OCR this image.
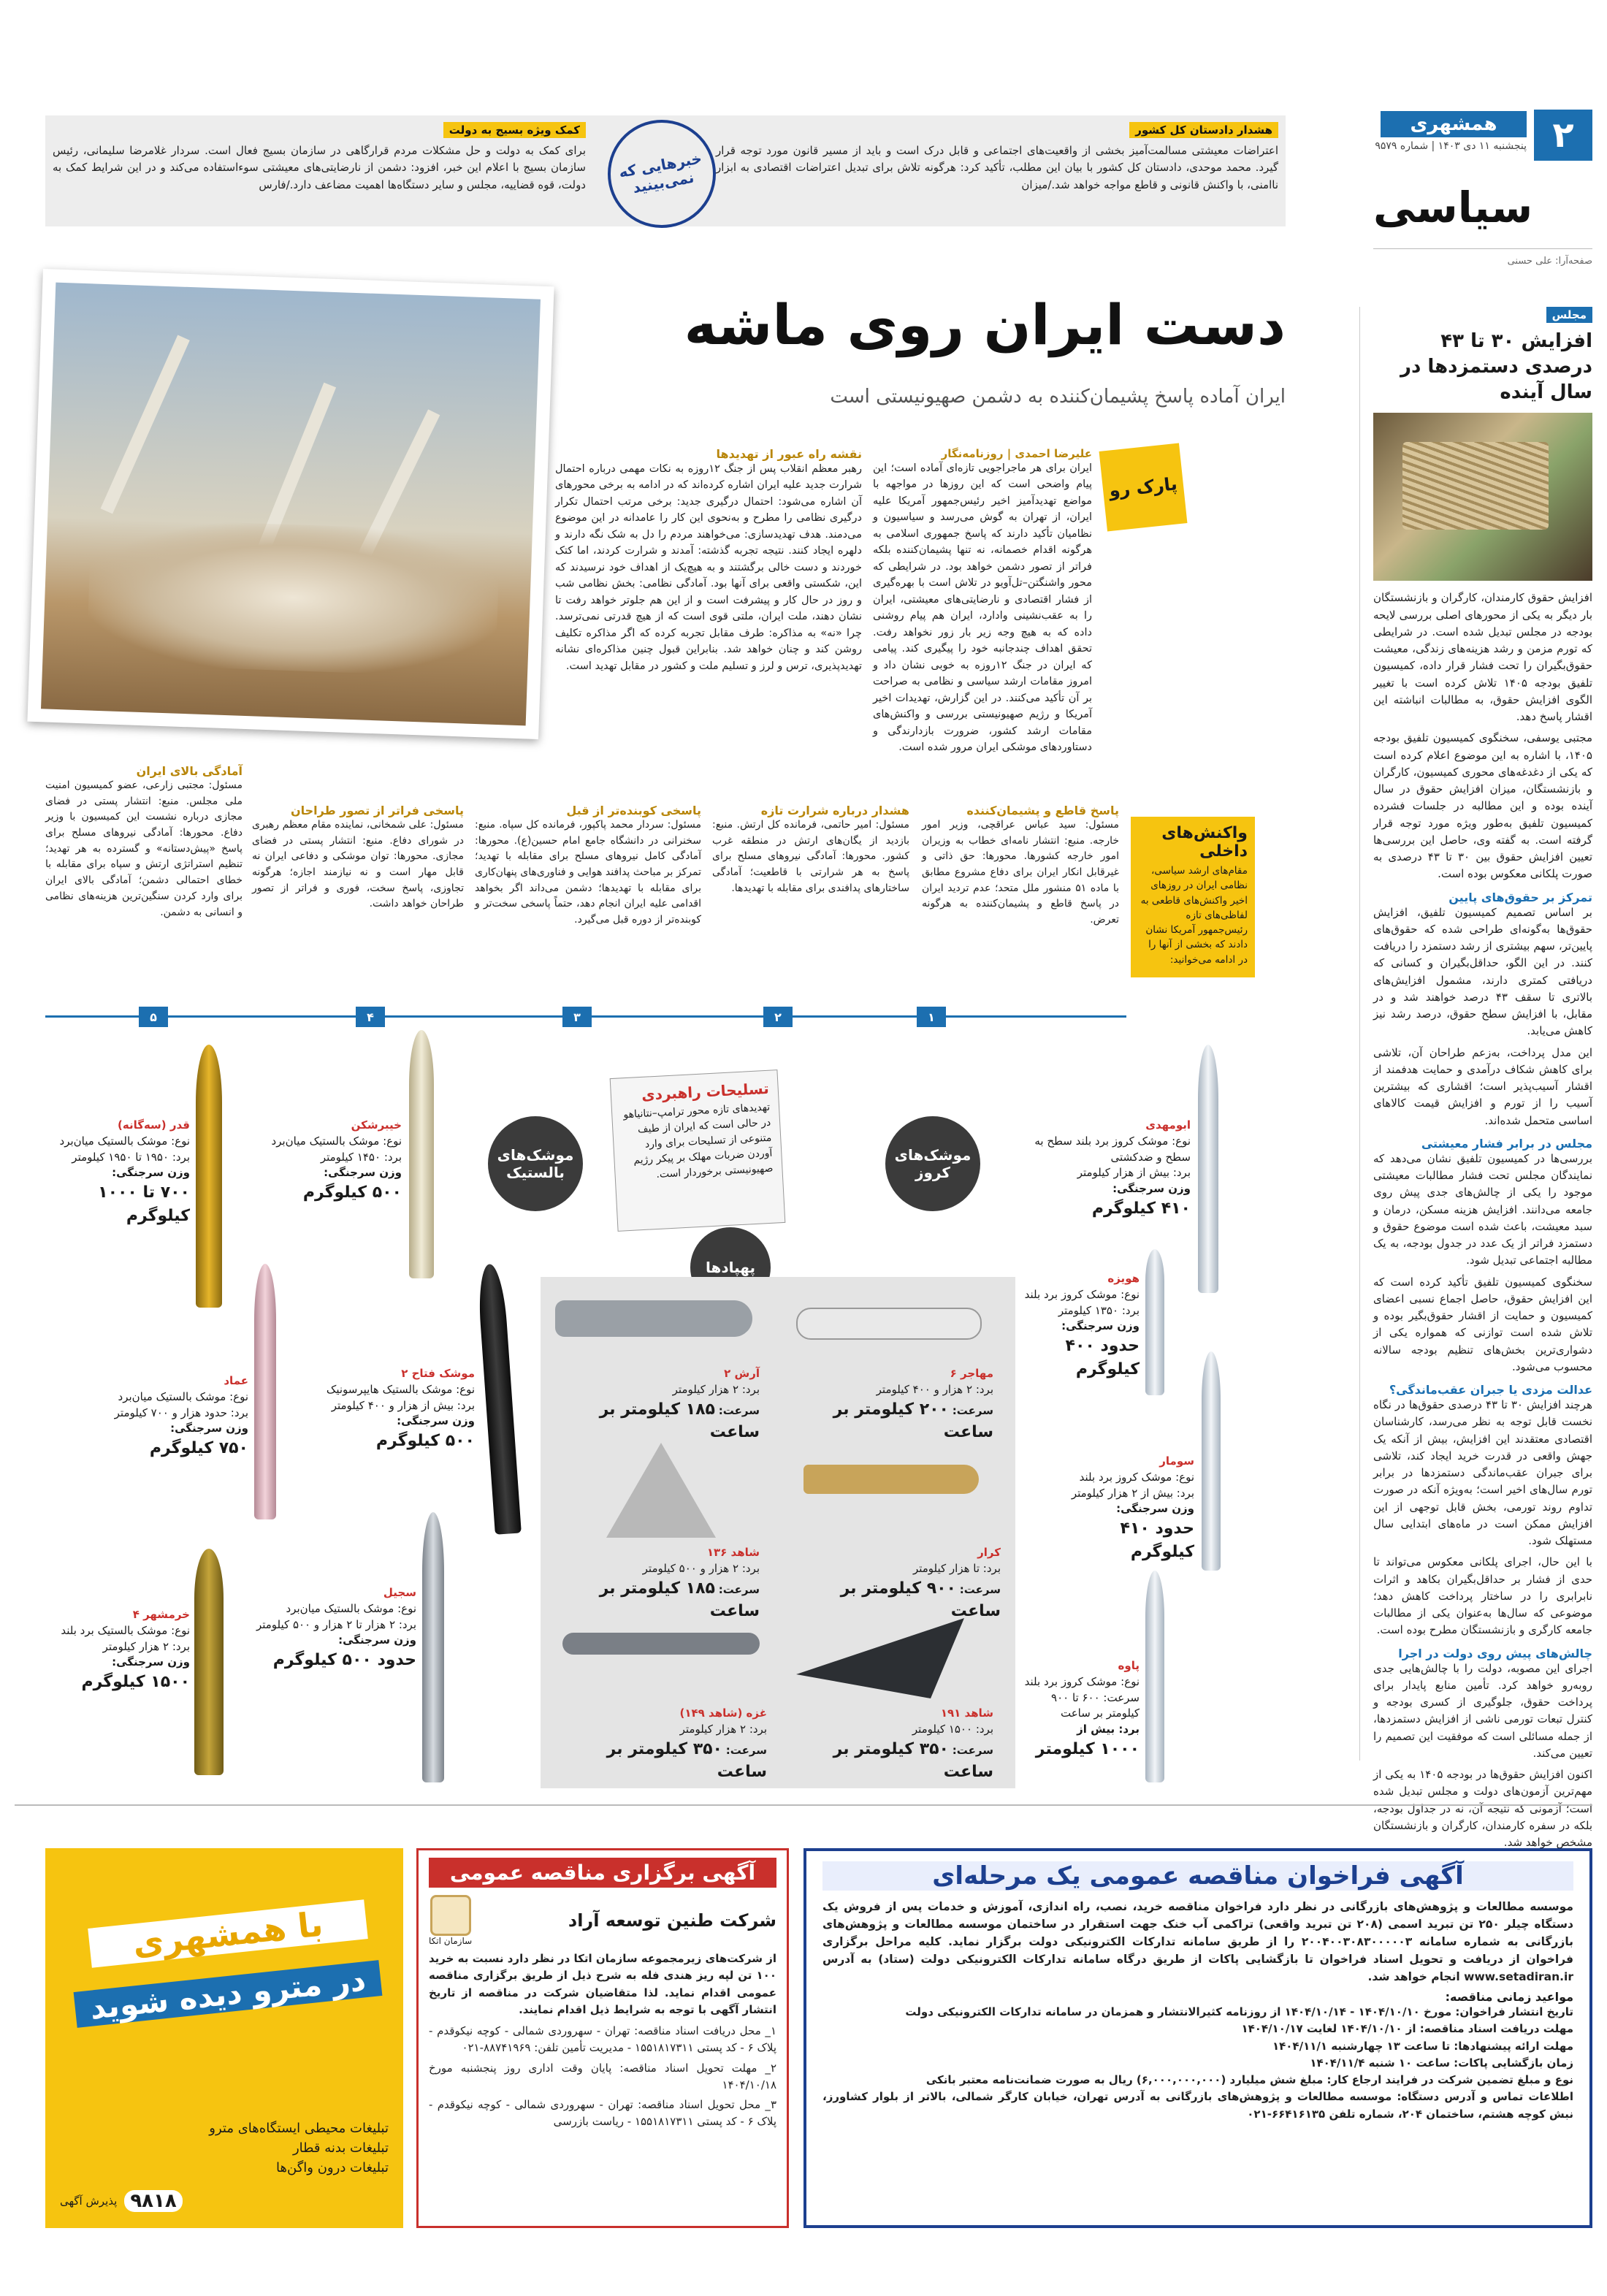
۲
همشهری
پنجشنبه ۱۱ دی ۱۴۰۳ | شماره ۹۵۷۹
سیاسی
صفحه‌آرا: علی حسنی
هشدار دادستان کل کشور
اعتراضات معیشتی مسالمت‌آمیز بخشی از واقعیت‌های اجتماعی و قابل درک است و باید از مسیر قانون مورد توجه قرار گیرد. محمد موحدی، دادستان کل کشور با بیان این مطلب، تأکید کرد: هرگونه تلاش برای تبدیل اعتراضات اقتصادی به ابزار ناامنی، با واکنش قانونی و قاطع مواجه خواهد شد./میزان
خبرهایی که نمی‌بینید
کمک ویژه بسیج به دولت
برای کمک به دولت و حل مشکلات مردم قرارگاهی در سازمان بسیج فعال است. سردار غلامرضا سلیمانی، رئیس سازمان بسیج با اعلام این خبر، افزود: دشمن از نارضایتی‌های معیشتی سوءاستفاده می‌کند و در این شرایط کمک به دولت، قوه قضاییه، مجلس و سایر دستگاه‌ها اهمیت مضاعف دارد./فارس
مجلس
افزایش ۳۰ تا ۴۳ درصدی دستمزدها در سال آینده
افزایش حقوق کارمندان، کارگران و بازنشستگان بار دیگر به یکی از محورهای اصلی بررسی لایحه بودجه در مجلس تبدیل شده است. در شرایطی که تورم مزمن و رشد هزینه‌های زندگی، معیشت حقوق‌بگیران را تحت فشار قرار داده، کمیسیون تلفیق بودجه ۱۴۰۵ تلاش کرده است با تغییر الگوی افزایش حقوق، به مطالبات انباشته این اقشار پاسخ دهد.
مجتبی یوسفی، سخنگوی کمیسیون تلفیق بودجه ۱۴۰۵، با اشاره به این موضوع اعلام کرده است که یکی از دغدغه‌های محوری کمیسیون، کارگران و بازنشستگان، میزان افزایش حقوق در سال آینده بوده و این مطالبه در جلسات فشرده کمیسیون تلفیق به‌طور ویژه مورد توجه قرار گرفته است. به گفته وی، حاصل این بررسی‌ها تعیین افزایش حقوق بین ۳۰ تا ۴۳ درصدی به صورت پلکانی معکوس بوده است.
تمرکز بر حقوق‌های پایین
بر اساس تصمیم کمیسیون تلفیق، افزایش حقوق‌ها به‌گونه‌ای طراحی شده که حقوق‌های پایین‌تر، سهم بیشتری از رشد دستمزد را دریافت کنند. در این الگو، حداقل‌بگیران و کسانی که دریافتی کمتری دارند، مشمول افزایش‌های بالاتری تا سقف ۴۳ درصد خواهند شد و در مقابل، با افزایش سطح حقوق، درصد رشد نیز کاهش می‌یابد.
این مدل پرداخت، به‌زعم طراحان آن، تلاشی برای کاهش شکاف درآمدی و حمایت هدفمند از اقشار آسیب‌پذیر است؛ اقشاری که بیشترین آسیب را از تورم و افزایش قیمت کالاهای اساسی متحمل شده‌اند.
مجلس در برابر فشار معیشتی
بررسی‌ها در کمیسیون تلفیق نشان می‌دهد که نمایندگان مجلس تحت فشار مطالبات معیشتی موجود را یکی از چالش‌های جدی پیش روی جامعه می‌دانند. افزایش هزینه مسکن، درمان و سبد معیشت، باعث شده است موضوع حقوق و دستمزد فراتر از یک عدد در جدول بودجه، به یک مطالبه اجتماعی تبدیل شود.
سخنگوی کمیسیون تلفیق تأکید کرده است که این افزایش حقوق، حاصل اجماع نسبی اعضای کمیسیون و حمایت از اقشار حقوق‌بگیر بوده و تلاش شده است توازنی که همواره یکی از دشواری‌ترین بخش‌های تنظیم بودجه سالانه محسوب می‌شود.
عدالت مزدی یا جبران عقب‌ماندگی؟
هرچند افزایش ۳۰ تا ۴۳ درصدی حقوق‌ها در نگاه نخست قابل توجه به نظر می‌رسد، کارشناسان اقتصادی معتقدند این افزایش، بیش از آنکه یک جهش واقعی در قدرت خرید ایجاد کند، تلاشی برای جبران عقب‌ماندگی دستمزدها در برابر تورم سال‌های اخیر است؛ به‌ویژه آنکه در صورت تداوم روند تورمی، بخش قابل توجهی از این افزایش ممکن است در ماه‌های ابتدایی سال مستهلک شود.
با این حال، اجرای پلکانی معکوس می‌تواند تا حدی از فشار بر حداقل‌بگیران بکاهد و اثرات نابرابری را در ساختار پرداخت کاهش دهد؛ موضوعی که سال‌ها به‌عنوان یکی از مطالبات جامعه کارگری و بازنشستگان مطرح بوده است.
چالش‌های پیش روی دولت در اجرا
اجرای این مصوبه، دولت را با چالش‌هایی جدی روبه‌رو خواهد کرد. تأمین منابع پایدار برای پرداخت حقوق، جلوگیری از کسری بودجه و کنترل تبعات تورمی ناشی از افزایش دستمزدها، از جمله مسائلی است که موفقیت این تصمیم را تعیین می‌کند.
اکنون افزایش حقوق‌ها در بودجه ۱۴۰۵ به یکی از مهم‌ترین آزمون‌های دولت و مجلس تبدیل شده است؛ آزمونی که نتیجه آن، نه در جداول بودجه، بلکه در سفره کارمندان، کارگران و بازنشستگان مشخص خواهد شد.
دست ایران روی ماشه
ایران آماده پاسخ پشیمان‌کننده به دشمن صهیونیستی است
پارک رو
علیرضا احمدی | روزنامه‌نگار
ایران برای هر ماجراجویی تازه‌ای آماده است؛ این پیام واضحی است که این روزها در مواجهه با مواضع تهدیدآمیز اخیر رئیس‌جمهور آمریکا علیه ایران، از تهران به گوش می‌رسد و سیاسیون و نظامیان تأکید دارند که پاسخ جمهوری اسلامی به هرگونه اقدام خصمانه، نه تنها پشیمان‌کننده بلکه فراتر از تصور دشمن خواهد بود. در شرایطی که محور واشنگتن–تل‌آویو در تلاش است با بهره‌گیری از فشار اقتصادی و نارضایتی‌های معیشتی، ایران را به عقب‌نشینی وادارد، ایران هم پیام روشنی داده که به هیچ وجه زیر بار زور نخواهد رفت. تحقق اهداف چندجانبه خود را پیگیری کند. پیامی که ایران در جنگ ۱۲روزه به خوبی نشان داد و امروز مقامات ارشد سیاسی و نظامی به صراحت بر آن تأکید می‌کنند. در این گزارش، تهدیدات اخیر آمریکا و رژیم صهیونیستی بررسی و واکنش‌های مقامات ارشد کشور، ضرورت بازدارندگی و دستاوردهای موشکی ایران مرور شده است.
نقشه راه عبور از تهدیدها
رهبر معظم انقلاب پس از جنگ ۱۲روزه به نکات مهمی درباره احتمال شرارت جدید علیه ایران اشاره کرده‌اند که در ادامه به برخی محورهای آن اشاره می‌شود: احتمال درگیری جدید: برخی مرتب احتمال تکرار درگیری نظامی را مطرح و به‌نحوی این کار را عامدانه در این موضوع می‌دمند. هدف تهدیدسازی: می‌خواهند مردم را دل به شک نگه دارند و دلهره ایجاد کنند. نتیجه تجربه گذشته: آمدند و شرارت کردند، اما کتک خوردند و دست خالی برگشتند و به هیچ‌یک از اهداف خود نرسیدند که این، شکستی واقعی برای آنها بود. آمادگی نظامی: بخش نظامی شب و روز در حال کار و پیشرفت است و از این هم جلوتر خواهد رفت تا نشان دهند، ملت ایران، ملتی قوی است که از هیچ قدرتی نمی‌ترسد. چرا «نه» به مذاکره: طرف مقابل تجربه کرده که اگر مذاکره تکلیف روشن کند و چنان خواهد شد. بنابراین قبول چنین مذاکره‌ای نشانه تهدیدپذیری، ترس و لرز و تسلیم ملت و کشور در مقابل تهدید است.
واکنش‌های داخلی
مقام‌های ارشد سیاسی، نظامی ایران در روزهای اخیر واکنش‌های قاطعی به لفاظی‌های تازه رئیس‌جمهور آمریکا نشان دادند که بخشی از آنها را در ادامه می‌خوانید:
پاسخ قاطع و پشیمان‌کننده
مسئول: سید عباس عراقچی، وزیر امور خارجه. منبع: انتشار نامه‌ای خطاب به وزیران امور خارجه کشورها. محورها: حق ذاتی و غیرقابل انکار ایران برای دفاع مشروع مطابق با ماده ۵۱ منشور ملل متحد؛ عدم تردید ایران در پاسخ قاطع و پشیمان‌کننده به هرگونه تعرض.
هشدار درباره شرارت تازه
مسئول: امیر حاتمی، فرمانده کل ارتش. منبع: بازدید از یگان‌های ارتش در منطقه غرب کشور. محورها: آمادگی نیروهای مسلح برای پاسخ به هر شرارتی با قاطعیت؛ آمادگی ساختارهای پدافندی برای مقابله با تهدیدها.
پاسخی کوبنده‌تر از قبل
مسئول: سردار محمد پاکپور، فرمانده کل سپاه. منبع: سخنرانی در دانشگاه جامع امام حسین(ع). محورها: آمادگی کامل نیروهای مسلح برای مقابله با تهدید؛ تمرکز بر مباحث پدافند هوایی و فناوری‌های پنهان‌کاری برای مقابله با تهدیدها؛ دشمن می‌داند اگر بخواهد اقدامی علیه ایران انجام دهد، حتماً پاسخی سخت‌تر و کوبنده‌تر از دوره قبل می‌گیرد.
پاسخی فراتر از تصور طراحان
مسئول: علی شمخانی، نماینده مقام معظم رهبری در شورای دفاع. منبع: انتشار پستی در فضای مجازی. محورها: توان موشکی و دفاعی ایران نه قابل مهار است و نه نیازمند اجازه؛ هرگونه تجاوزی، پاسخ سخت، فوری و فراتر از تصور طراحان خواهد داشت.
آمادگی بالای ایران
مسئول: مجتبی زارعی، عضو کمیسیون امنیت ملی مجلس. منبع: انتشار پستی در فضای مجازی درباره نشست این کمیسیون با وزیر دفاع. محورها: آمادگی نیروهای مسلح برای پاسخ «پیش‌دستانه» و گسترده به هر تهدید؛ تنظیم استراتژی ارتش و سپاه برای مقابله با خطای احتمالی دشمن؛ آمادگی بالای ایران برای وارد کردن سنگین‌ترین هزینه‌های نظامی و انسانی به دشمن.
۱
۲
۳
۴
۵
تسلیحات راهبردی
تهدیدهای تازه محور ترامپ–نتانیاهو در حالی است که ایران از طیف متنوعی از تسلیحات برای وارد آوردن ضربات مهلک بر پیکر رژیم صهیونیستی برخوردار است.
موشک‌های بالستیک
موشک‌های کروز
پهپادها
آرش ۲
برد: ۲ هزار کیلومتر
سرعت: ۱۸۵ کیلومتر بر ساعت
مهاجر ۶
برد: ۲ هزار و ۴۰۰ کیلومتر
سرعت: ۲۰۰ کیلومتر بر ساعت
شاهد ۱۳۶
برد: ۲ هزار و ۵۰۰ کیلومتر
سرعت: ۱۸۵ کیلومتر بر ساعت
کرار
برد: تا هزار کیلومتر
سرعت: ۹۰۰ کیلومتر بر ساعت
غزه (شاهد ۱۴۹)
برد: ۲ هزار کیلومتر
سرعت: ۳۵۰ کیلومتر بر ساعت
شاهد ۱۹۱
برد: ۱۵۰۰ کیلومتر
سرعت: ۳۵۰ کیلومتر بر ساعت
قدر (سه‌گانه)
نوع: موشک بالستیک میان‌برد
برد: ۱۹۵۰ تا ۱۹۵۰ کیلومتر
وزن سرجنگی:
۷۰۰ تا ۱۰۰۰ کیلوگرم
خیبرشکن
نوع: موشک بالستیک میان‌برد
برد: ۱۴۵۰ کیلومتر
وزن سرجنگی:
۵۰۰ کیلوگرم
عماد
نوع: موشک بالستیک میان‌برد
برد: حدود هزار و ۷۰۰ کیلومتر
وزن سرجنگی:
۷۵۰ کیلوگرم
موشک فتاح ۲
نوع: موشک بالستیک هایپرسونیک
برد: بیش از هزار و ۴۰۰ کیلومتر
وزن سرجنگی:
۵۰۰ کیلوگرم
خرمشهر ۴
نوع: موشک بالستیک برد بلند
برد: ۲ هزار کیلومتر
وزن سرجنگی:
۱۵۰۰ کیلوگرم
سجیل
نوع: موشک بالستیک میان‌برد
برد: ۲ هزار تا ۲ هزار و ۵۰۰ کیلومتر
وزن سرجنگی:
حدود ۵۰۰ کیلوگرم
ابومهدی
نوع: موشک کروز برد بلند سطح به سطح و ضدکشتی
برد: بیش از هزار کیلومتر
وزن سرجنگی:
۴۱۰ کیلوگرم
هویزه
نوع: موشک کروز برد بلند
برد: ۱۳۵۰ کیلومتر
وزن سرجنگی:
حدود ۴۰۰ کیلوگرم
سومار
نوع: موشک کروز برد بلند
برد: بیش از ۲ هزار کیلومتر
وزن سرجنگی:
حدود ۴۱۰ کیلوگرم
پاوه
نوع: موشک کروز برد بلند
سرعت: ۶۰۰ تا ۹۰۰ کیلومتر بر ساعت
برد: بیش از
۱۰۰۰ کیلومتر
آگهی فراخوان مناقصه عمومی یک مرحله‌ای
موسسه مطالعات و پژوهش‌های بازرگانی در نظر دارد فراخوان مناقصه خرید، نصب، راه اندازی، آموزش و خدمات پس از فروش یک دستگاه چیلر ۲۵۰ تن تبرید اسمی (۲۰۸ تن تبرید واقعی) تراکمی آب خنک جهت استقرار در ساختمان موسسه مطالعات و پژوهش‌های بازرگانی به شماره سامانه ۲۰۰۴۰۰۳۰۸۳۰۰۰۰۰۳ را از طریق سامانه تدارکات الکترونیکی دولت برگزار نماید. کلیه مراحل برگزاری فراخوان از دریافت و تحویل اسناد فراخوان تا بازگشایی پاکات از طریق درگاه سامانه تدارکات الکترونیکی دولت (ستاد) به آدرس www.setadiran.ir انجام خواهد شد.
مواعید زمانی مناقصه:
تاریخ انتشار فراخوان: مورخ ۱۴۰۴/۱۰/۱۰ - ۱۴۰۴/۱۰/۱۴ از روزنامه کثیرالانتشار و همزمان در سامانه تدارکات الکترونیکی دولت
مهلت دریافت اسناد مناقصه: از ۱۴۰۴/۱۰/۱۰ لغایت ۱۴۰۴/۱۰/۱۷
مهلت ارائه پیشنهادها: تا ساعت ۱۳ چهارشنبه ۱۴۰۴/۱۱/۱
زمان بازگشایی پاکات: ساعت ۱۰ شنبه ۱۴۰۴/۱۱/۴
نوع و مبلغ تضمین شرکت در فرایند ارجاع کار: مبلغ شش میلیارد (۶,۰۰۰,۰۰۰,۰۰۰) ریال به صورت ضمانت‌نامه معتبر بانکی
اطلاعات تماس و آدرس دستگاه: موسسه مطالعات و پژوهش‌های بازرگانی به آدرس تهران، خیابان کارگر شمالی، بالاتر از بلوار کشاورز، نبش کوچه هشتم، ساختمان ۲۰۴، شماره تلفن ۶۶۴۱۶۱۳۵-۰۲۱
آگهی برگزاری مناقصه عمومی
شرکت طنین توسعه آراد
سازمان اتکا
از شرکت‌های زیرمجموعه سازمان اتکا در نظر دارد نسبت به خرید ۱۰۰ تن لپه ریز هندی فله به شرح ذیل از طریق برگزاری مناقصه عمومی اقدام نماید. لذا متقاضیان شرکت در مناقصه از تاریخ انتشار آگهی با توجه به شرایط ذیل اقدام نمایند.
۱_ محل دریافت اسناد مناقصه: تهران - سهروردی شمالی - کوچه نیکوقدم - پلاک ۶ - کد پستی ۱۵۵۱۸۱۷۳۱۱ - مدیریت تأمین تلفن: ۸۸۷۴۱۹۶۹-۰۲۱
۲_ مهلت تحویل اسناد مناقصه: پایان وقت اداری روز پنجشنبه مورخ ۱۴۰۴/۱۰/۱۸
۳_ محل تحویل اسناد مناقصه: تهران - سهروردی شمالی - کوچه نیکوقدم - پلاک ۶ - کد پستی ۱۵۵۱۸۱۷۳۱۱ - ریاست بازرسی
با همشهری
در مترو دیده شوید
تبلیغات محیطی ایستگاه‌های مترو
تبلیغات بدنه قطار
تبلیغات درون واگن‌ها
۹۸۱۸
پذیرش آگهی
